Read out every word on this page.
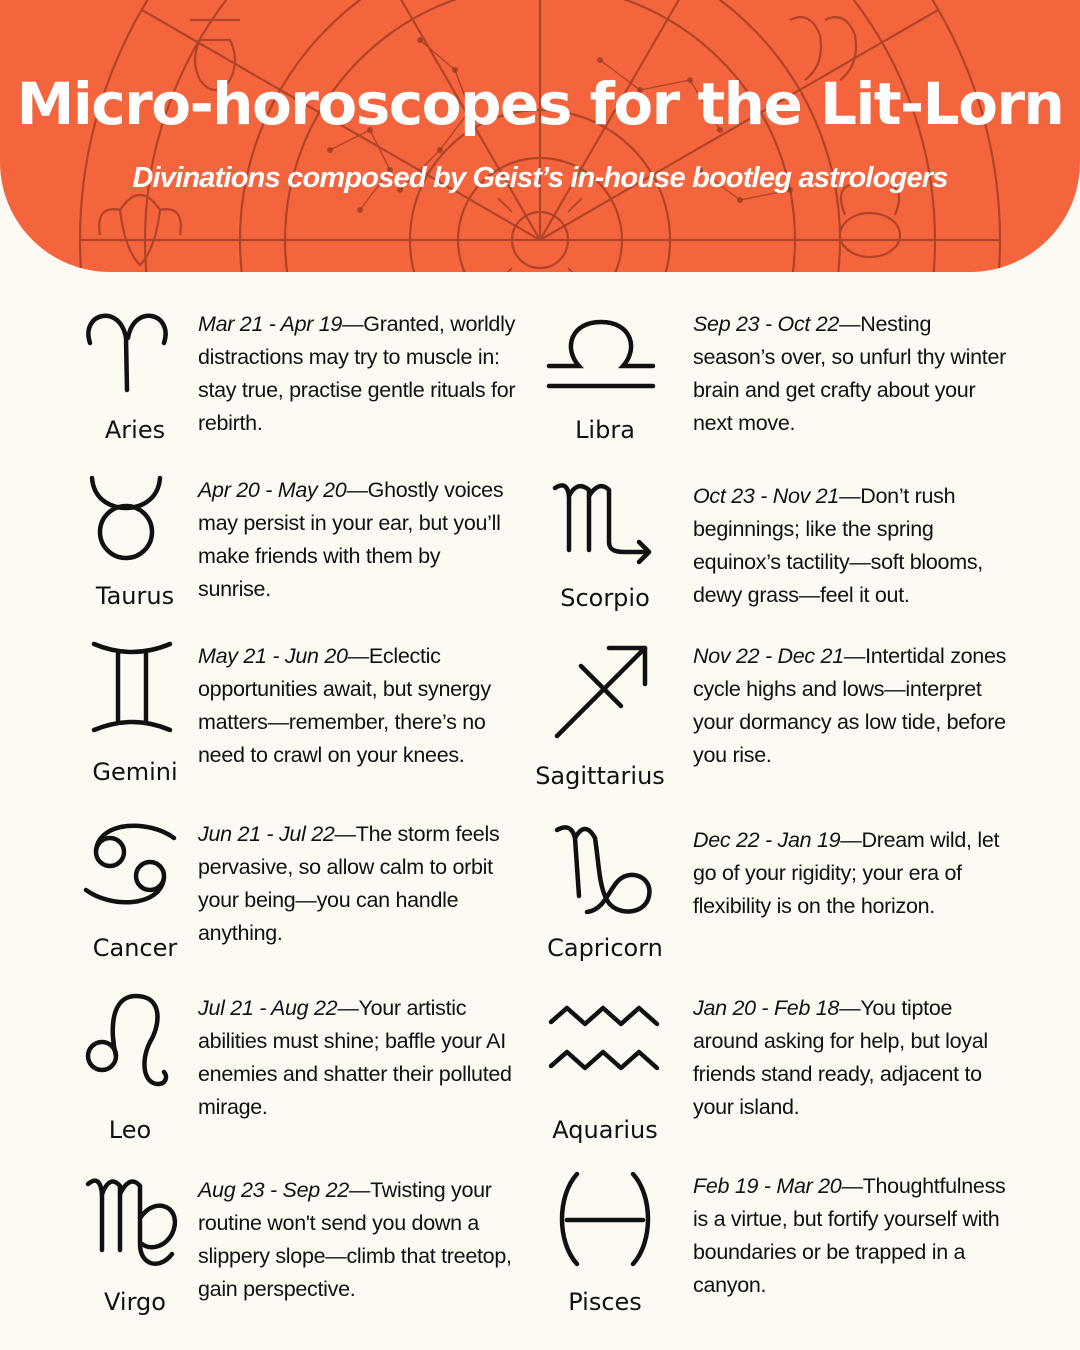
Micro-horoscopes for the Lit-Lorn

Divinations composed by Geist’s in-house bootleg astrologers

Aries
Mar 21 - Apr 19—Granted, worldly distractions may try to muscle in: stay true, practise gentle rituals for rebirth.
Taurus
Apr 20 - May 20—Ghostly voices may persist in your ear, but you’ll make friends with them by sunrise.
Gemini
May 21 - Jun 20—Eclectic opportunities await, but synergy matters—remember, there’s no need to crawl on your knees.
Cancer
Jun 21 - Jul 22—The storm feels pervasive, so allow calm to orbit your being—you can handle anything.
Leo
Jul 21 - Aug 22—Your artistic abilities must shine; baffle your AI enemies and shatter their polluted mirage.
Virgo
Aug 23 - Sep 22—Twisting your routine won't send you down a slippery slope—climb that treetop, gain perspective.
Libra
Sep 23 - Oct 22—Nesting season’s over, so unfurl thy winter brain and get crafty about your next move.
Scorpio
Oct 23 - Nov 21—Don’t rush beginnings; like the spring equinox’s tactility—soft blooms, dewy grass—feel it out.
Sagittarius
Nov 22 - Dec 21—Intertidal zones cycle highs and lows—interpret your dormancy as low tide, before you rise.
Capricorn
Dec 22 - Jan 19—Dream wild, let go of your rigidity; your era of flexibility is on the horizon.
Aquarius
Jan 20 - Feb 18—You tiptoe around asking for help, but loyal friends stand ready, adjacent to your island.
Pisces
Feb 19 - Mar 20—Thoughtfulness is a virtue, but fortify yourself with boundaries or be trapped in a canyon.
